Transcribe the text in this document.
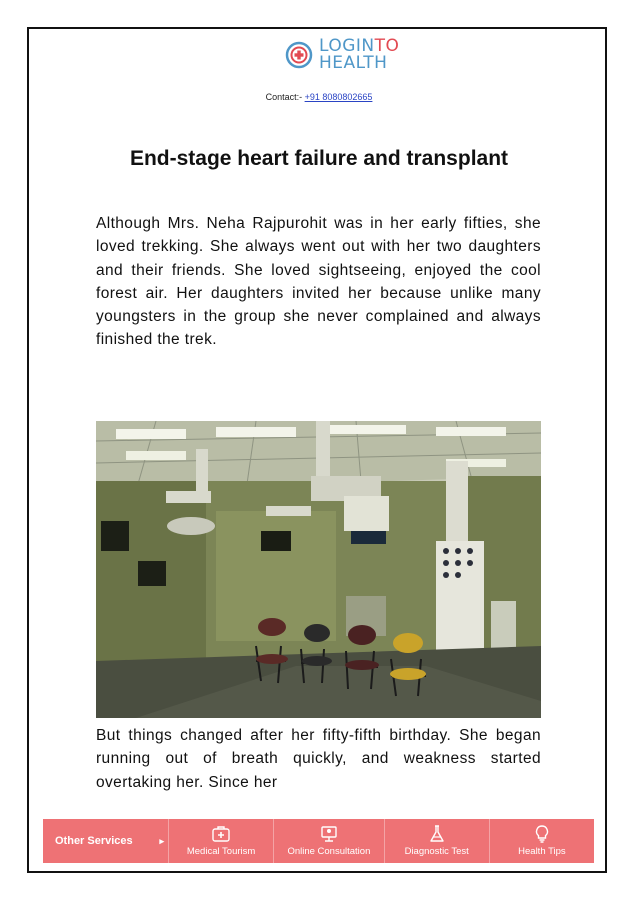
LOGINTO
HEALTH
Contact:- +91 8080802665
End-stage heart failure and transplant

Although Mrs. Neha Rajpurohit was in her early fifties, she loved trekking. She always went out with her two daughters and their friends. She loved sightseeing, enjoyed the cool forest air. Her daughters invited her because unlike many youngsters in the group she never complained and always finished the trek.

But things changed after her fifty-fifth birthday. She began running out of breath quickly, and weakness started overtaking her. Since her

Other Services	▸
Medical Tourism	Online Consultation	Diagnostic Test	Health Tips
